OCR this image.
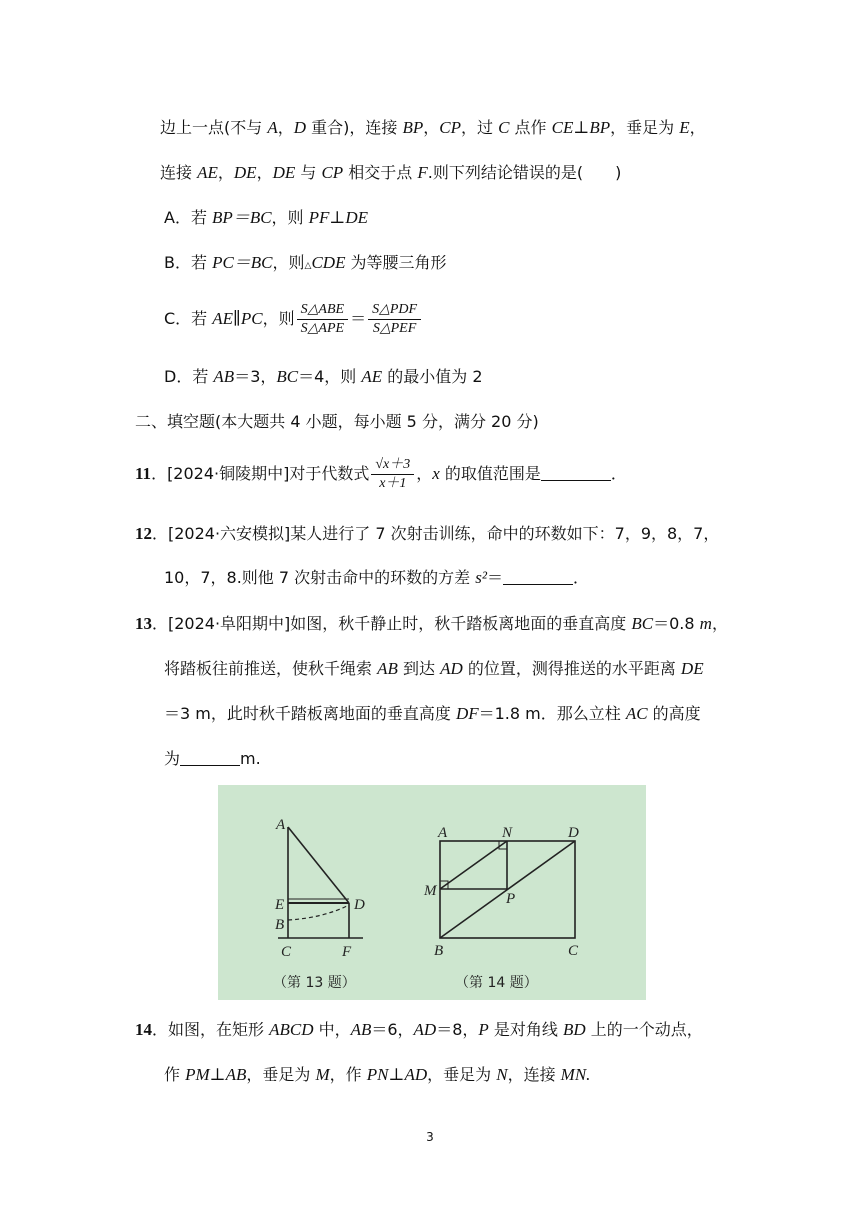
边上一点(不与 A，D 重合)，连接 BP，CP，过 C 点作 CE⊥BP，垂足为 E，
连接 AE，DE，DE 与 CP 相交于点 F.则下列结论错误的是(　　)
A．若 BP＝BC，则 PF⊥DE
B．若 PC＝BC，则△CDE 为等腰三角形
C．若 AE∥PC，则 $\frac{\text{S△ABE}}{\text{S△APE}} = \frac{\text{S△PDF}}{\text{S△PEF}}$
D．若 AB＝3，BC＝4，则 AE 的最小值为 2
二、填空题(本大题共 4 小题，每小题 5 分，满分 20 分)
11．[2024·铜陵期中]对于代数式 $\frac{√x+3}{x+1}$ ，x 的取值范围是	．
12．[2024·六安模拟]某人进行了 7 次射击训练，命中的环数如下：7，9，8，7，
10，7，8.则他 7 次射击命中的环数的方差 s²＝	．
13．[2024·阜阳期中]如图，秋千静止时，秋千踏板离地面的垂直高度 BC＝0.8 m，
将踏板往前推送，使秋千绳索 AB 到达 AD 的位置，测得推送的水平距离 DE
＝3 m，此时秋千踏板离地面的垂直高度 DF＝1.8 m．那么立柱 AC 的高度
为	m.
A
E
B
C	F
D
A	N	D
M	P
B	C
（第 13 题）	（第 14 题）
14．如图，在矩形 ABCD 中，AB＝6，AD＝8，P 是对角线 BD 上的一个动点，
作 PM⊥AB，垂足为 M，作 PN⊥AD，垂足为 N，连接 MN.
3
